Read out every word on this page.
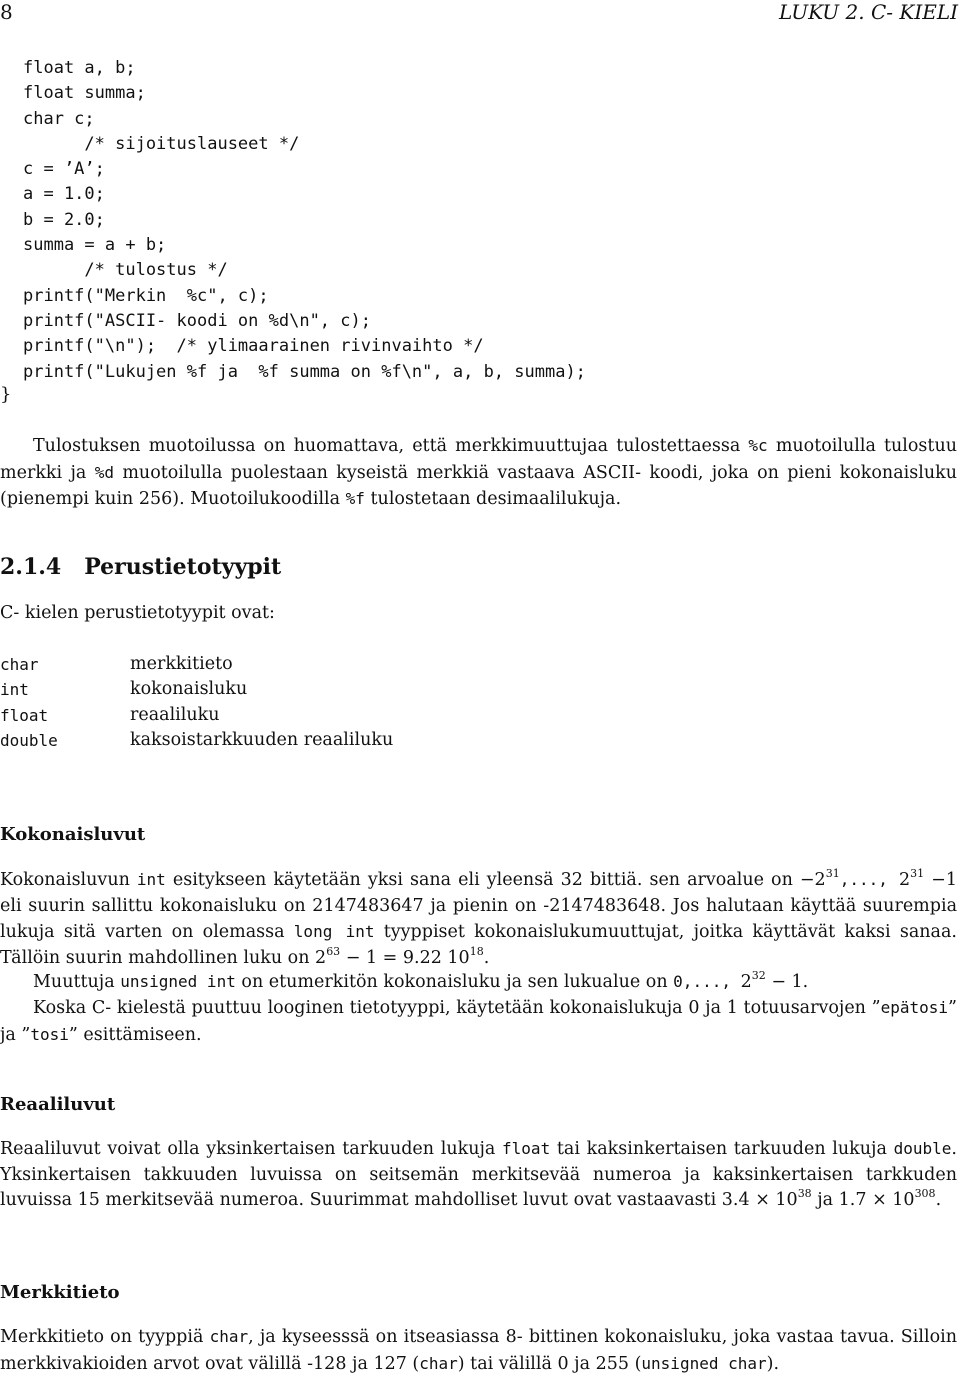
8	LUKU 2. C- KIELI
float a, b;
float summa;
char c;
/* sijoituslauseet */
c = ’A’;
a = 1.0;
b = 2.0;
summa = a + b;
/* tulostus */
printf("Merkin  %c", c);
printf("ASCII- koodi on %d\n", c);
printf("\n");  /* ylimaarainen rivinvaihto */
printf("Lukujen %f ja  %f summa on %f\n", a, b, summa);
}

Tulostuksen muotoilussa on huomattava, että merkkimuuttujaa tulostettaessa %c muotoilulla tulostuu merkki ja %d muotoilulla puolestaan kyseistä merkkiä vastaava ASCII- koodi, joka on pieni kokonaisluku (pienempi kuin 256). Muotoilukoodilla %f tulostetaan desimaalilukuja.

2.1.4 Perustietotyypit

C- kielen perustietotyypit ovat:

char	merkkitieto
int	kokonaisluku
float	reaaliluku
double	kaksoistarkkuuden reaaliluku
Kokonaisluvut

Kokonaisluvun int esitykseen käytetään yksi sana eli yleensä 32 bittiä. sen arvoalue on $-2^{31}$,..., $2^{31} -1$ eli suurin sallittu kokonaisluku on 2147483647 ja pienin on -2147483648. Jos halutaan käyttää suurempia lukuja sitä varten on olemassa long int tyyppiset kokonaislukumuuttujat, joitka käyttävät kaksi sanaa. Tällöin suurin mahdollinen luku on $2^{63} - 1 = 9.22$ $10^{18}$.

Muuttuja unsigned int on etumerkitön kokonaisluku ja sen lukualue on 0,..., $2^{32} - 1$.

Koska C- kielestä puuttuu looginen tietotyyppi, käytetään kokonaislukuja 0 ja 1 totuusarvojen ”epätosi” ja ”tosi” esittämiseen.

Reaaliluvut

Reaaliluvut voivat olla yksinkertaisen tarkuuden lukuja float tai kaksinkertaisen tarkuuden lukuja double. Yksinkertaisen takkuuden luvuissa on seitsemän merkitsevää numeroa ja kaksinkertaisen tarkkuden luvuissa 15 merkitsevää numeroa. Suurimmat mahdolliset luvut ovat vastaavasti $3.4 \times 10^{38}$ ja $1.7 \times 10^{308}$.

Merkkitieto

Merkkitieto on tyyppiä char, ja kyseesssä on itseasiassa 8- bittinen kokonaisluku, joka vastaa tavua. Silloin merkkivakioiden arvot ovat välillä -128 ja 127 (char) tai välillä 0 ja 255 (unsigned char).
